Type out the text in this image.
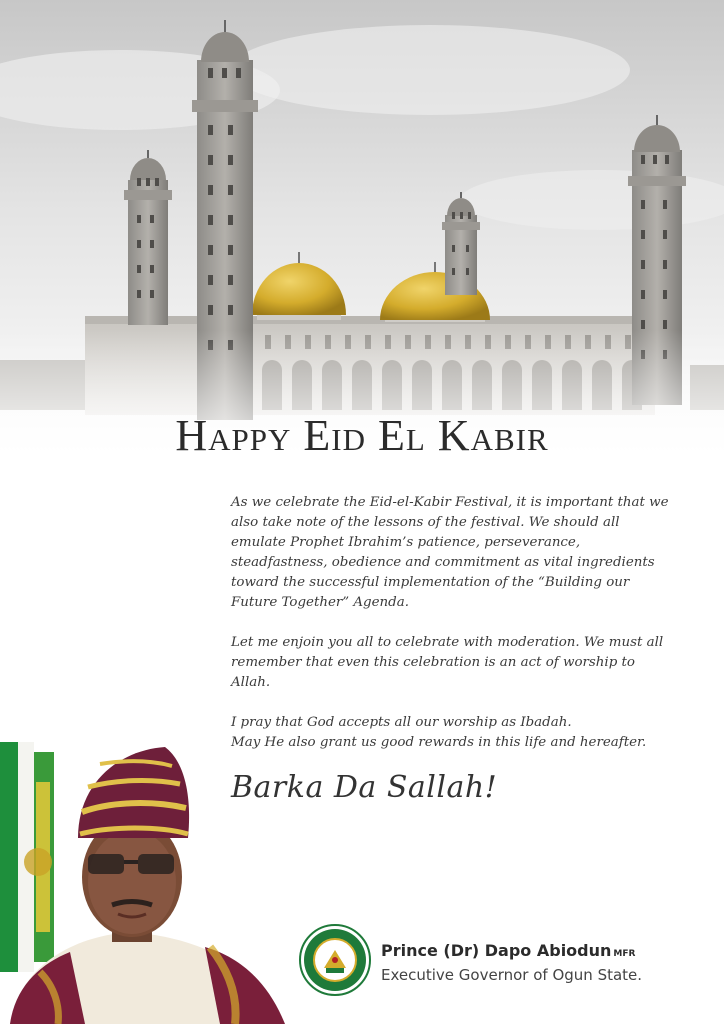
Happy Eid El Kabir

As we celebrate the Eid-el-Kabir Festival, it is important that we also take note of the lessons of the festival. We should all emulate Prophet Ibrahim’s patience, perseverance, steadfastness, obedience and commitment as vital ingredients toward the successful implementation of the “Building our Future Together” Agenda.

Let me enjoin you all to celebrate with moderation. We must all remember that even this celebration is an act of worship to Allah.

I pray that God accepts all our worship as Ibadah.

May He also grant us good rewards in this life and hereafter.

Barka Da Sallah!
Prince (Dr) Dapo Abiodun MFR
Executive Governor of Ogun State.
